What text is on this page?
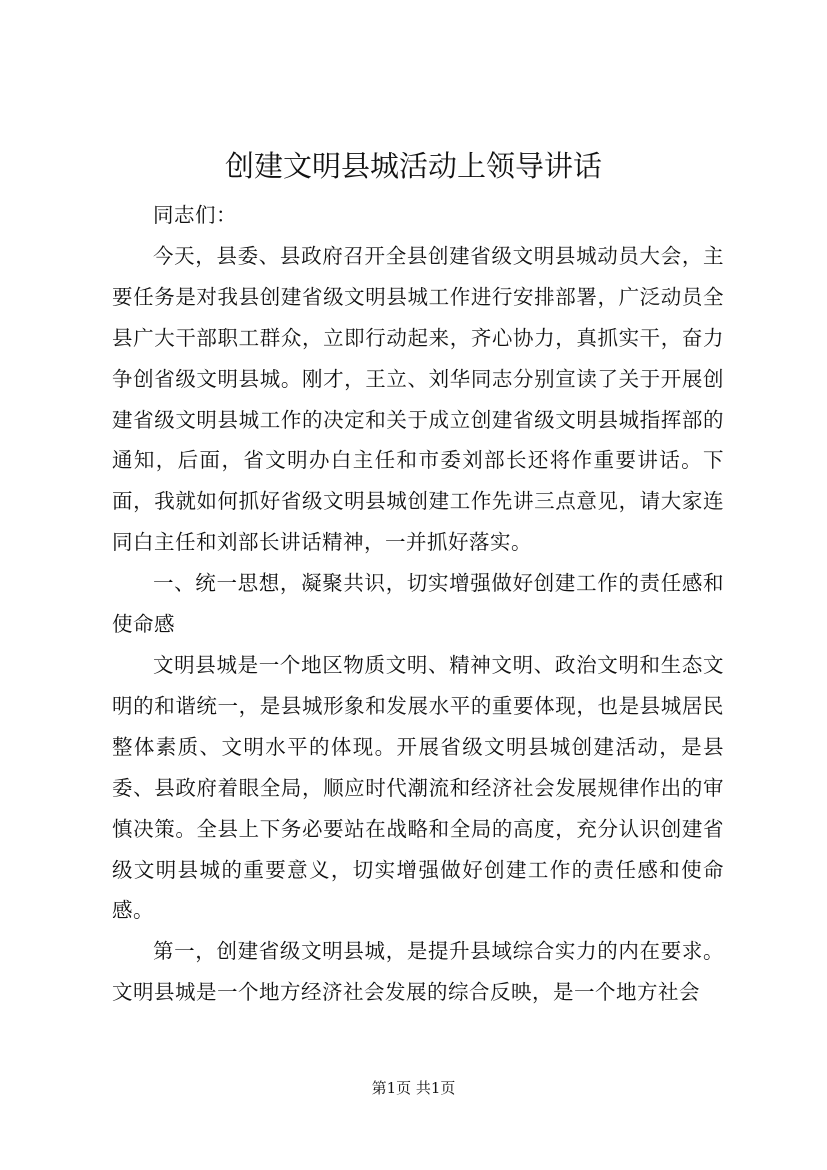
创建文明县城活动上领导讲话

同志们：

今天，县委、县政府召开全县创建省级文明县城动员大会，主要任务是对我县创建省级文明县城工作进行安排部署，广泛动员全县广大干部职工群众，立即行动起来，齐心协力，真抓实干，奋力争创省级文明县城。刚才，王立、刘华同志分别宣读了关于开展创建省级文明县城工作的决定和关于成立创建省级文明县城指挥部的通知，后面，省文明办白主任和市委刘部长还将作重要讲话。下面，我就如何抓好省级文明县城创建工作先讲三点意见，请大家连同白主任和刘部长讲话精神，一并抓好落实。

一、统一思想，凝聚共识，切实增强做好创建工作的责任感和使命感

文明县城是一个地区物质文明、精神文明、政治文明和生态文明的和谐统一，是县城形象和发展水平的重要体现，也是县城居民整体素质、文明水平的体现。开展省级文明县城创建活动，是县委、县政府着眼全局，顺应时代潮流和经济社会发展规律作出的审慎决策。全县上下务必要站在战略和全局的高度，充分认识创建省级文明县城的重要意义，切实增强做好创建工作的责任感和使命感。

第一，创建省级文明县城，是提升县域综合实力的内在要求。文明县城是一个地方经济社会发展的综合反映，是一个地方社会

第1页 共1页
